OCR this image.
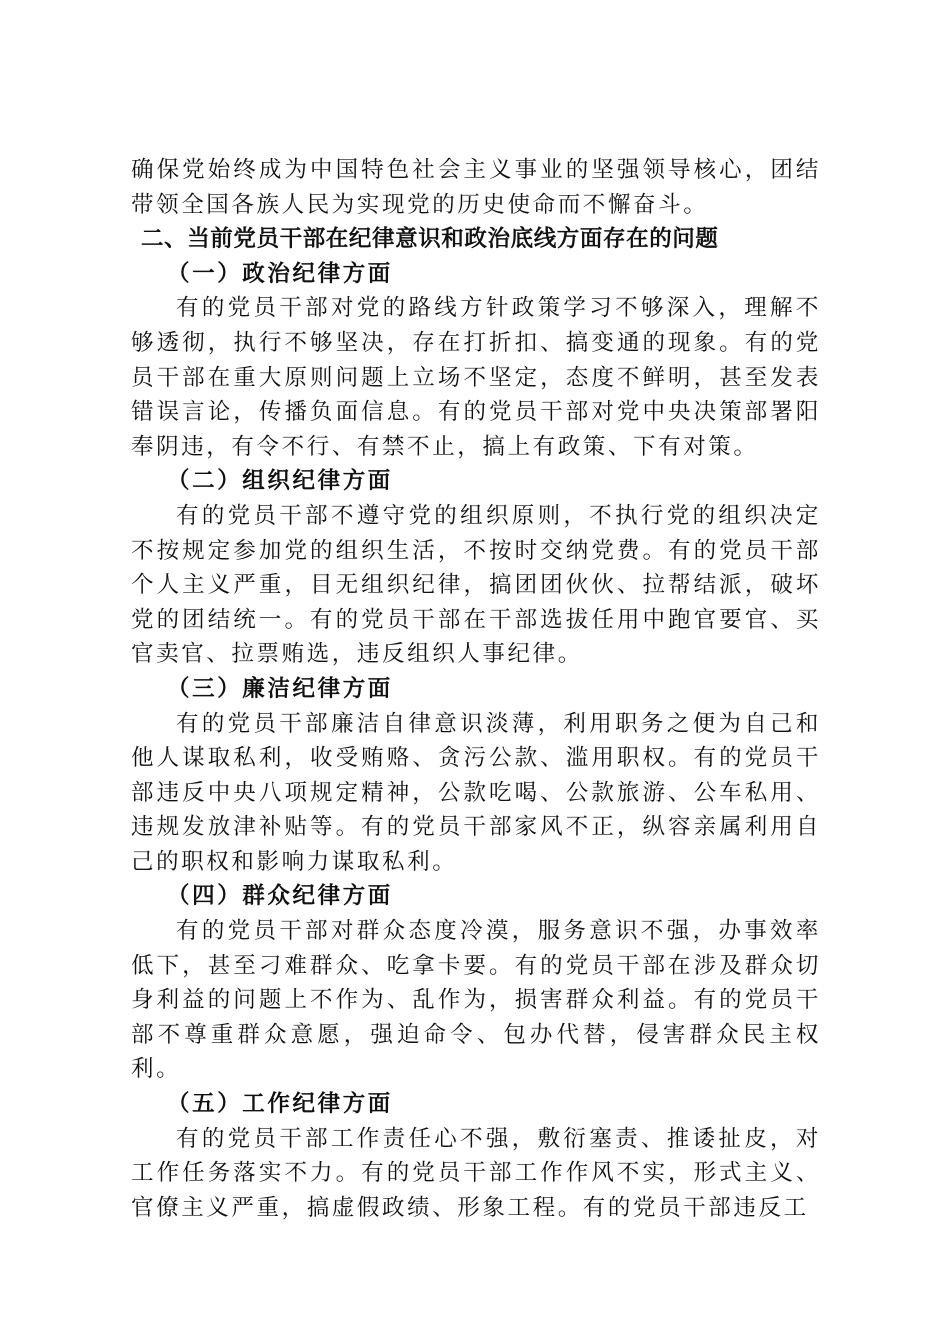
确保党始终成为中国特色社会主义事业的坚强领导核心，团结带领全国各族人民为实现党的历史使命而不懈奋斗。

二、当前党员干部在纪律意识和政治底线方面存在的问题

（一）政治纪律方面

有的党员干部对党的路线方针政策学习不够深入，理解不够透彻，执行不够坚决，存在打折扣、搞变通的现象。有的党员干部在重大原则问题上立场不坚定，态度不鲜明，甚至发表错误言论，传播负面信息。有的党员干部对党中央决策部署阳奉阴违，有令不行、有禁不止，搞上有政策、下有对策。

（二）组织纪律方面

有的党员干部不遵守党的组织原则，不执行党的组织决定不按规定参加党的组织生活，不按时交纳党费。有的党员干部个人主义严重，目无组织纪律，搞团团伙伙、拉帮结派，破坏党的团结统一。有的党员干部在干部选拔任用中跑官要官、买官卖官、拉票贿选，违反组织人事纪律。

（三）廉洁纪律方面

有的党员干部廉洁自律意识淡薄，利用职务之便为自己和他人谋取私利，收受贿赂、贪污公款、滥用职权。有的党员干部违反中央八项规定精神，公款吃喝、公款旅游、公车私用、违规发放津补贴等。有的党员干部家风不正，纵容亲属利用自己的职权和影响力谋取私利。

（四）群众纪律方面

有的党员干部对群众态度冷漠，服务意识不强，办事效率低下，甚至刁难群众、吃拿卡要。有的党员干部在涉及群众切身利益的问题上不作为、乱作为，损害群众利益。有的党员干部不尊重群众意愿，强迫命令、包办代替，侵害群众民主权利。

（五）工作纪律方面

有的党员干部工作责任心不强，敷衍塞责、推诿扯皮，对工作任务落实不力。有的党员干部工作作风不实，形式主义、官僚主义严重，搞虚假政绩、形象工程。有的党员干部违反工
